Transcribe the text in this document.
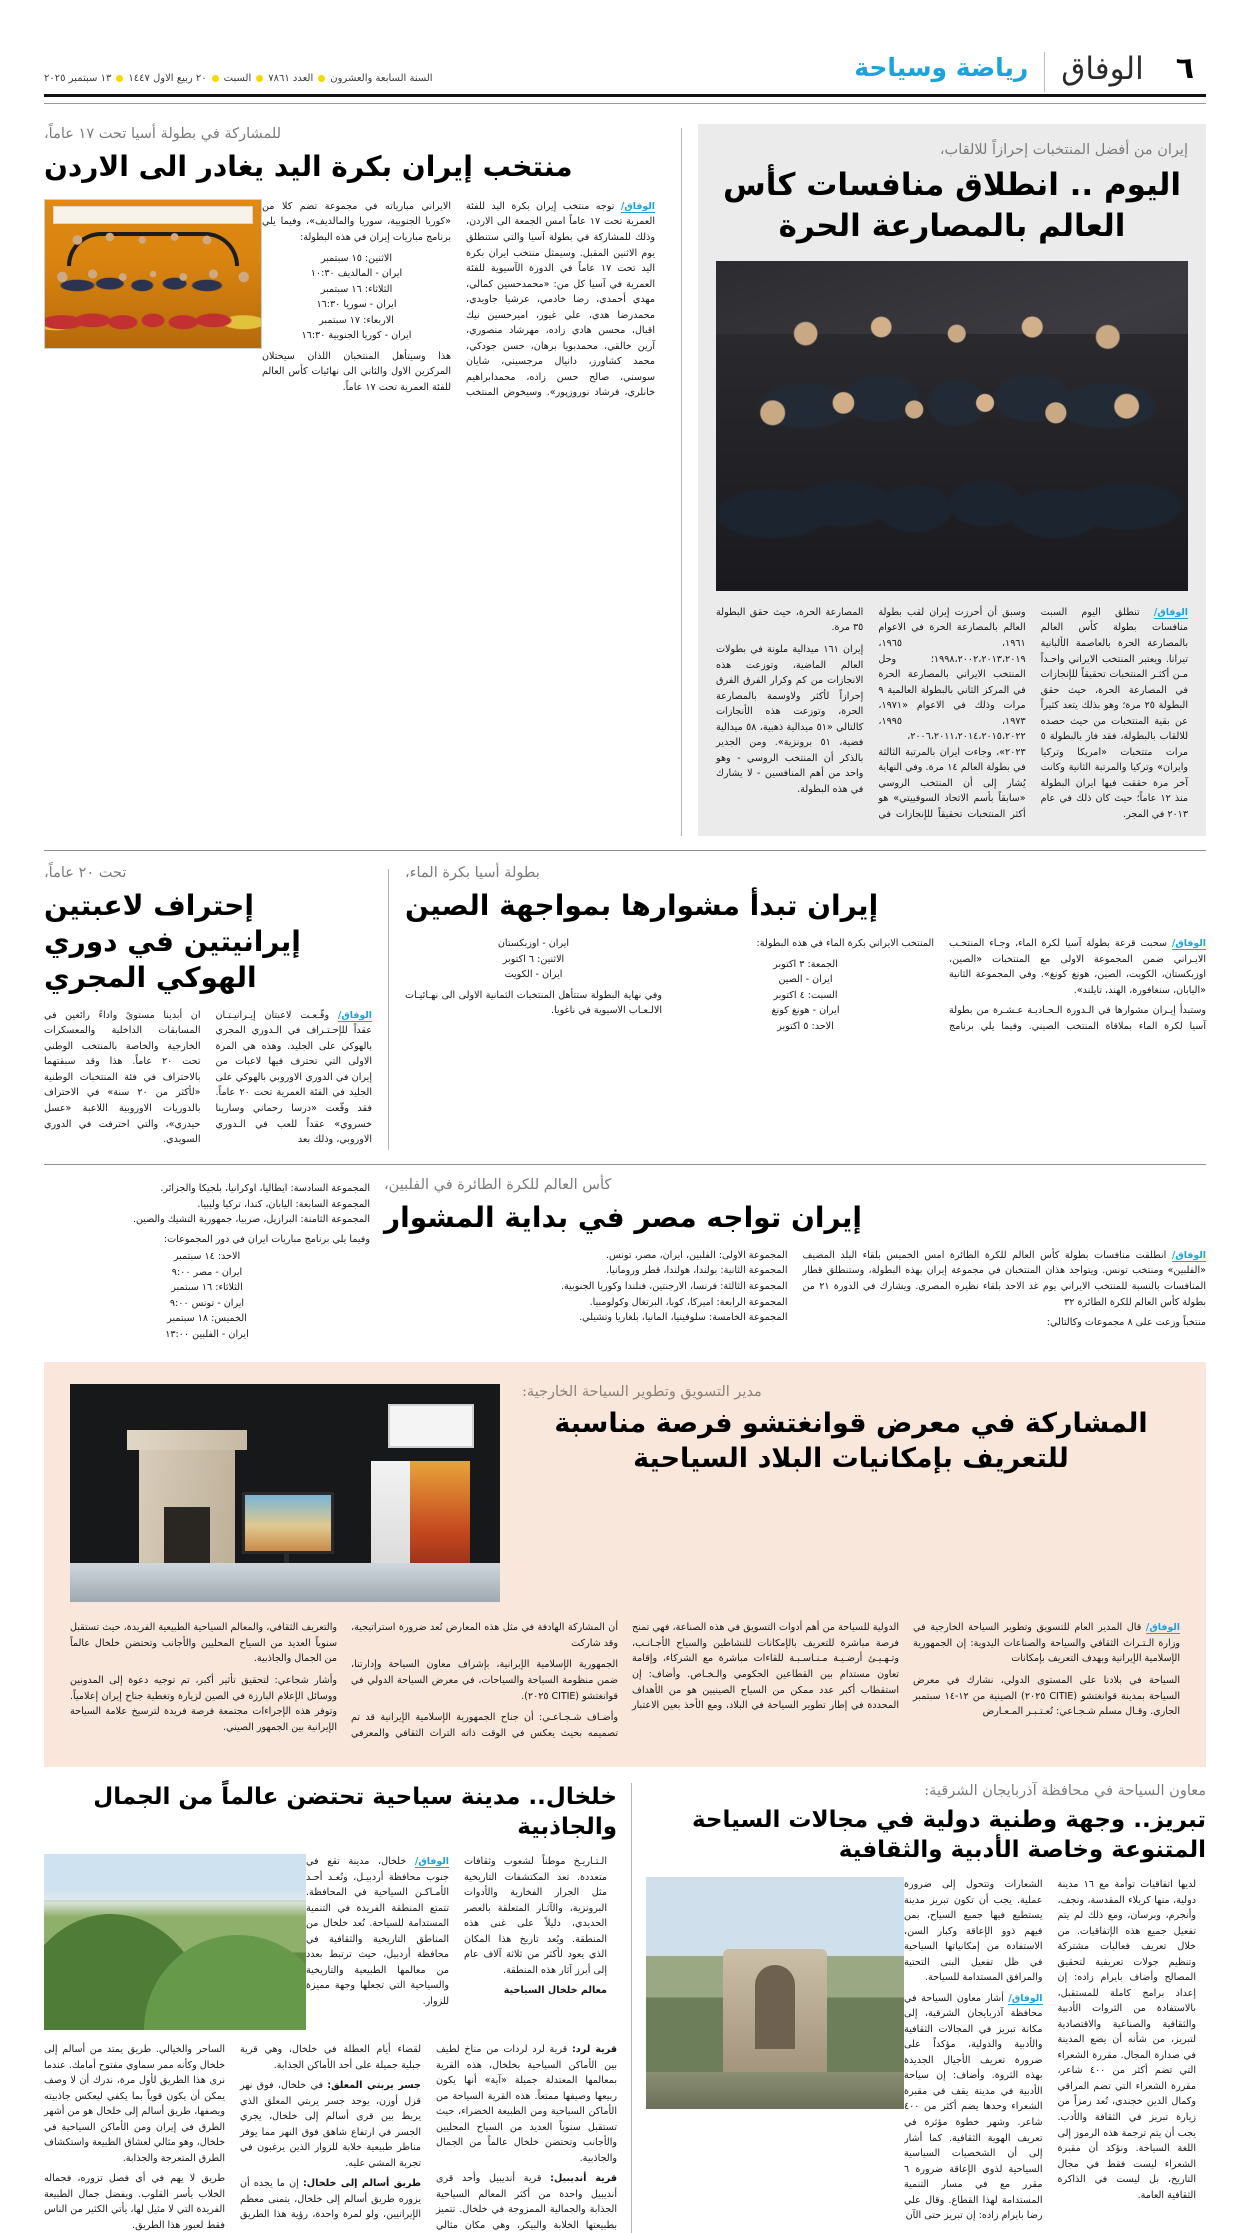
٦
الوفاق
رياضة وسياحة
السنة السابعة والعشرون
العدد ٧٨٦١
السبت
٢٠ ربيع الاول ١٤٤٧
١٣ سبتمبر ٢٠٢٥
إيران من أفضل المنتخبات إحرازاً للالقاب،
اليوم .. انطلاق منافسات كأس العالم بالمصارعة الحرة

الوفاق/ تنطلق اليوم السبت منافسات بطولة كأس العالم بالمصارعة الحرة بالعاصمة الألبانية تيرانا. ويعتبر المنتخب الايراني واحـداً مـن أكثـر المنتخبات تحقيقاً للإنجازات في المصارعة الحرة، حيث حقق البطولة ٢٥ مرة؛ وهو بذلك يتعد كثيراً عن بقية المنتخبات من حيث حصده للالقاب بالبطولة، فقد فاز بالبطولة ٥ مرات متتخبات «امريكا وتركيا وايران» وتركيا والمرتبة الثانية وكانت آخر مرة حققت فيها ايران البطولة منذ ١٢ عاماً؛ حيث كان ذلك في عام ٢٠١٣ في المجر.

وسبق أن أحرزت إيران لقب بطولة العالم بالمصارعة الحرة في الاعوام ١٩٦١، ١٩٦٥، ١٩٩٨،٢٠٠٢،٢٠١٣،٢٠١٩؛ وحل المنتخب الايراني بالمصارعة الحرة في المركز الثاني بالبطولة العالمية ٩ مرات وذلك في الاعوام «١٩٧١، ١٩٧٣، ١٩٩٥، ٢٠٠٦،٢٠١١،٢٠١٤،٢٠١٥،٢٠٢٢، ٢٠٢٣»، وجاءت ايران بالمرتبة الثالثة في بطولة العالم ١٤ مرة. وفي النهاية يُشار إلى أن المنتخب الروسي «سابقاً بأسم الاتحاد السوفييتي» هو أكثر المنتخبات تحقيقاً للإنجازات في المصارعة الحرة، حيث حقق البطولة ٣٥ مرة.

إيران ١٦١ ميدالية ملونة في بطولات العالم الماضية، وتوزعت هذه الانجازات من كم وكرار الفرق الفرق إحرازاً لأكثر ولاوسمة بالمصارعة الحرة، وتوزعت هذه الأنجازات كالتالي «٥١ ميدالية ذهبية، ٥٨ ميدالية فضية، ٥١ برونزية». ومن الجدير بالذكر أن المنتخب الروسي - وهو واحد من أهم المنافسين - لا يشارك في هذه البطولة.

للمشاركة في بطولة أسيا تحت ١٧ عاماً،
منتخب إيران بكرة اليد يغادر الى الاردن

الوفاق/ توجه منتخب إيران بكرة اليد للفئة العمرية تحت ١٧ عاماً امس الجمعة الى الاردن، وذلك للمشاركة في بطولة آسيا والتي ستنطلق يوم الاثنين المقبل. وسيمثل منتخب ايران بكرة اليد تحت ١٧ عاماً في الدورة الآسيوية للفئة العمرية في آسيا كل من: «محمدحسين كمالي، مهدي أحمدي، رضا خادمي، عرشيا جاويدي، محمدرضا هدي، علي غيور، اميرحسين نيك اقبال، محسن هادي زاده، مهرشاد منصوري، آرين خالقي، محمدبويا برهان، حسن جودكي، محمد كشاورز، دانيال مرجسيني، شايان سوسني، صالح حسن زاده، محمدابراهيم خانلري، فرشاد نوروزپور». وسيخوض المنتخب الايراني مبارياته في مجموعة تضم كلا من «كوريا الجنوبية، سوريا والمالديف»، وفيما يلي برنامج مباريات إيران في هذه البطولة:

الاثنين: ١٥ سبتمبر
ايران - المالديف ١٠:٣٠
الثلاثاء: ١٦ سبتمبر
ايران - سوريا ١٦:٣٠
الاربعاء: ١٧ سبتمبر
ايران - كوريا الجنوبية ١٦:٣٠

هذا وسيتأهل المنتخبان اللذان سيحتلان المركزين الاول والثاني الى نهائيات كأس العالم للفئة العمرية تحت ١٧ عاماً.

بطولة أسيا بكرة الماء،
إيران تبدأ مشوارها بمواجهة الصين

الوفاق/ سحبت قرعة بطولة آسيا لكرة الماء، وجـاء المنتخـب الايـراني ضمن المجموعة الاولى مع المنتخبات «الصين، اوزبكستان، الكويت، الصين، هونغ كونغ». وفي المجموعة الثانية «اليابان، سنغافورة، الهند، تايلند».

وستبدأ إيـران مشوارها في الـدورة الـحـاديـة عـشـرة من بطولة آسيا لكرة الماء بملاقاة المنتخب الصيني. وفيما يلي برنامج المنتخب الايراني بكرة الماء في هذه البطولة:

الجمعة: ٣ اكتوبر
ايران - الصين
السبت: ٤ اكتوبر
ايران - هونغ كونغ
الاحد: ٥ اكتوبر
ايران - اوزبكستان
الاثنين: ٦ اكتوبر
ايران - الكويت

وفي نهاية البطولة ستتأهل المنتخبات الثمانية الاولى الى نهـائيـات الالـعـاب الاسيوية في ناغويا.

تحت ٢٠ عاماً،
إحتراف لاعبتين إيرانيتين في دوري الهوكي المجري

الوفاق/ وقّـعـت لاعبتان إيـرانيـتـان عقداً للإحـتـراف في الـدوري المجري بالهوكي على الجليد. وهذه هي المرة الاولى التي تحترف فيها لاعبات من إيران في الدوري الاوروبي بالهوكي على الجليد في الفئة العمرية تحت ٢٠ عاماً. فقد وقّعت «درسا رحماني وسارينا خسروي» عقداً للعب في الـدوري الاوروبي، وذلك بعد

ان أبدينا مستوىً واداءً رائعين في المسابقات الداخلية والمعسكرات الخارجية والخاصة بالمنتخب الوطني تحت ٢٠ عاماً. هذا وقد سبقتهما بالاحتراف في فئة المنتخبات الوطنية «لأكثر من ٢٠ سنة» في الاحتراف بالدوريات الاوروبية اللاعبة «عسل حيدري»، والتي احترفت في الدوري السويدي.

كأس العالم للكرة الطائرة في الفلبين،
إيران تواجه مصر في بداية المشوار

الوفاق/ انطلقت منافسات بطولة كأس العالم للكرة الطائرة امس الخميس بلقاء البلد المضيف «الفلبين» ومنتخب تونس. ويتواجد هذان المنتخبان في مجموعة إيران بهذه البطولة، وستنطلق قطار المنافسات بالنسبة للمنتخب الايراني يوم غد الاحد بلقاء نظيره المصري. ويشارك في الدورة ٢١ من بطولة كأس العالم للكرة الطائرة ٣٢

منتخباً وزعت على ٨ مجموعات وكالتالي:

المجموعة الاولى: الفلبين، ايران، مصر، تونس.
المجموعة الثانية: بولندا، هولندا، قطر ورومانيا.
المجموعة الثالثة: فرنسا، الارجنتين، فنلندا وكوريا الجنوبية.
المجموعة الرابعة: اميركا، كوبا، البرتغال وكولومبيا.
المجموعة الخامسة: سلوفينيا، المانيا، بلغاريا وتشيلي.
المجموعة السادسة: ايطاليا، اوكرانيا، بلجيكا والجزائر.
المجموعة السابعة: اليابان، كندا، تركيا وليبيا.
المجموعة الثامنة: البرازيل، صربيا، جمهورية التشيك والصين.
وفيما يلي برنامج مباريات ايران في دور المجموعات:
الاحد: ١٤ سبتمبر
ايران - مصر ٩:٠٠
الثلاثاء: ١٦ سبتمبر
ايران - تونس ٩:٠٠
الخميس: ١٨ سبتمبر
ايران - الفلبين ١٣:٠٠
مدير التسويق وتطوير السياحة الخارجية:
المشاركة في معرض قوانغتشو فرصة مناسبة للتعريف بإمكانيات البلاد السياحية

الوفاق/ قال المدير العام للتسويق وتطوير السياحة الخارجية في وزارة الـتـراث الثقافي والسياحة والصناعات اليدوية: إن الجمهورية الإسلامية الإيرانية وبهدف التعريف بإمكانات

السياحة في بلادنا على المستوى الدولي، نشارك في معرض السياحة بمدينة قوانغتشو (CITIE ٢٠٢٥) الصينية من ١٢-١٤ سبتمبر الجاري. وقـال مسلم شـجـاعي: تُعـتـبـر المـعـارض

الدولية للسياحة من أهم أدوات التسويق في هذه الصناعة، فهي تمنح فرصة مباشرة للتعريف بالإمكانات للنشاطين والسياح الأجـانـب، وتـهـيـئ أرضـيـة مـنـاسـبـة للقاءات مباشرة مع الشركاء، وإقامة تعاون مستدام بين القطاعين الحكومي والـخـاص. وأضاف: إن استقطاب أكبر عدد ممكن من السياح الصينيين هو من الأهداف المحددة في إطار تطوير السياحة في البلاد، ومع الأخذ بعين الاعتبار أن المشاركة الهادفة في مثل هذه المعارض تُعد ضرورة استراتيجية، وقد شاركت

الجمهورية الإسلامية الإيرانية، بإشراف معاون السياحة وإدارتنا، ضمن منظومة السياحة والسياحات، في معرض السياحة الدولي في قوانغتشو (CITIE ٢٠٢٥).

وأضـاف شـجـاعـي: أن جناح الجمهورية الإسلامية الإيرانية قد تم تصميمه بحيث يعكس في الوقت ذاته التراث الثقافي والمعرفي والتعريف الثقافي، والمعالم السياحية الطبيعية الفريدة، حيث تستقبل سنوياً العديد من السياح المحليين والأجانب وتحتضن خلخال عالماً من الجمال والجاذبية.

وأشار شجاعي: لتحقيق تأثير أكبر، تم توجيه دعوة إلى المدونين ووسائل الإعلام البارزة في الصين لزيارة وتغطية جناح إيران إعلامياً. وتوفر هذه الإجراءات مجتمعة فرصة فريدة لترسيخ علامة السياحة الإيرانية بين الجمهور الصيني.

معاون السياحة في محافظة آذربايجان الشرقية:
تبريز.. وجهة وطنية دولية في مجالات السياحة المتنوعة وخاصة الأدبية والثقافية

لديها اتفاقيات توأمة مع ١٦ مدينة دولية، منها كربلاء المقدسة، ونجف، وأنجرم، وبرسان، ومع ذلك لم يتم تفعيل جميع هذه الإتفاقيات. من خلال تعريف فعاليات مشتركة وتنظيم جولات تعريفية لتحقيق المصالح وأضاف بايرام زاده: إن إعداد برامج كاملة للمستقبل، بالاستفادة من الثروات الأدبية والثقافية والصناعية والاقتصادية لتبريز، من شأنه أن يضع المدينة في صدارة المجال. مقررة الشعراء التي تضم أكثر من ٤٠٠ شاعر، مقررة الشعراء التي تضم المراقي وكمال الدين خجندي، تُعد رمزاً من زيارة تبريز في الثقافة والأدب. يجب أن يتم ترجمة هذه الرموز إلى اللغة السياحة. ونؤكد أن مقبرة الشعراء ليست فقط في مجال التاريخ، بل ليست في الذاكرة الثقافية العامة.

الشعارات وتتحول إلى ضرورة عملية. يجب أن تكون تبريز مدينة يستطيع فيها جميع السياح، بمن فيهم ذوو الإعاقة وكبار السن، الاستفادة من إمكانياتها السياحية في ظل تفعيل البنى التحتية والمرافق المستدامة للسياحة.

الوفاق/ أشار معاون السياحة في محافظة آذربايجان الشرقية، إلى مكانة تبريز في المجالات الثقافية والأدبية والدولية، مؤكداً على ضرورة تعريف الأجيال الجديدة بهذه الثروة. وأضاف: إن سياحة الأدبية في مدينة يقف في مقبرة الشعراء وحدها يضم أكثر من ٤٠٠ شاعر. وشهر خطوة مؤثرة في تعريف الهوية الثقافية. كما أشار إلى أن الشخصيات السياسية السياحية لذوي الإعاقة ضرورة ٦ مقرر مع في مسار التنمية المستدامة لهذا القطاع. وقال علي رضا بايرام زاده: إن تبريز حتى الآن

خلخال.. مدينة سياحية تحتضن عالماً من الجمال والجاذبية

الـتـاريـخ موطناً لشعوب وثقافات متعددة. تعد المكتشفات التاريخية مثل الجرار الفخارية والأدوات البرونزية، والآثـار المتعلقة بالعصر الحديدي، دليلاً على غنى هذه المنطقة. ويُعد تاريخ هذا المكان الذي يعود لأكثر من ثلاثة آلاف عام إلى أبرز آثار هذه المنطقة.

معالم خلخال السياحية

الوفاق/ خلخال، مدينة تقع في جنوب محافظة أردبيـل، وتُعـد أحـد الأمـاكـن السياحية في المحافظة. تتمتع المنطقة الفريدة في التنمية المستدامة للسياحة. تُعد خلخال من المناطق التاريخية والثقافية في محافظة أردبيل، حيث ترتبط بعدد من معالمها الطبيعية والتاريخية والسياحية التي تجعلها وجهة مميزة للزوار.

قرية لرد: قرية لرد لردات من مناخ لطيف بين الأماكن السياحية بخلخال، هذه القرية بمعالمها المعتدلة جميلة «آية» أنها يكون ربيعها وصيفها ممتعاً. هذه القرية السياحة من الأماكن السياحية ومن الطبيعة الخضراء، حيث تستقبل سنوياً العديد من السياح المحليين والأجانب وتحتضن خلخال عالماً من الجمال والجاذبية.

قرية أنديبيل: قرية أنديبيل وأحد قرى أنديبيل واحدة من أكثر المعالم السياحية الجذابة والجمالية الممزوجة في خلخال. تتميز بطبيعتها الخلابة والبيكر، وهي مكان مثالي لقضاء أيام العطلة في خلخال، وهي قرية جبلية جميلة على أحد الأماكن الجذابة.

جسر يربتي المعلق: في خلخال، فوق نهر قزل أوزن، يوجد جسر يربتي المعلق الذي يربط بين قرى أسالم إلى خلخال، يجري الجسر في ارتفاع شاهق فوق النهر مما يوفر مناظر طبيعية خلابة للزوار الذين يرغبون في تجربة المشي عليه.

طريق أسالم إلى خلخال: إن ما يجده أن يزوره طريق أسالم إلى خلخال، يتمنى معظم الإيرانيين، ولو لمرة واحدة، رؤية هذا الطريق الساحر والخيالي. طريق يمتد من أسالم إلى خلخال وكأنه ممر سماوي مفتوح أمامك. عندما نرى هذا الطريق لأول مرة، ندرك أن لا وصف يمكن أن يكون قوياً بما يكفي ليعكس جاذبيته ويصفها، طريق أسالم إلى خلخال هو من أشهر الطرق في إيران ومن الأماكن السياحية في خلخال، وهو مثالي لعشاق الطبيعة واستكشاف الطرق المتعرجة والجذابة.

طريق لا يهم في أي فصل تزوره، فجماله الخلاب يأسر القلوب. ويفضل جمال الطبيعة الفريدة التي لا مثيل لها، يأتي الكثير من الناس فقط لعبور هذا الطريق.
